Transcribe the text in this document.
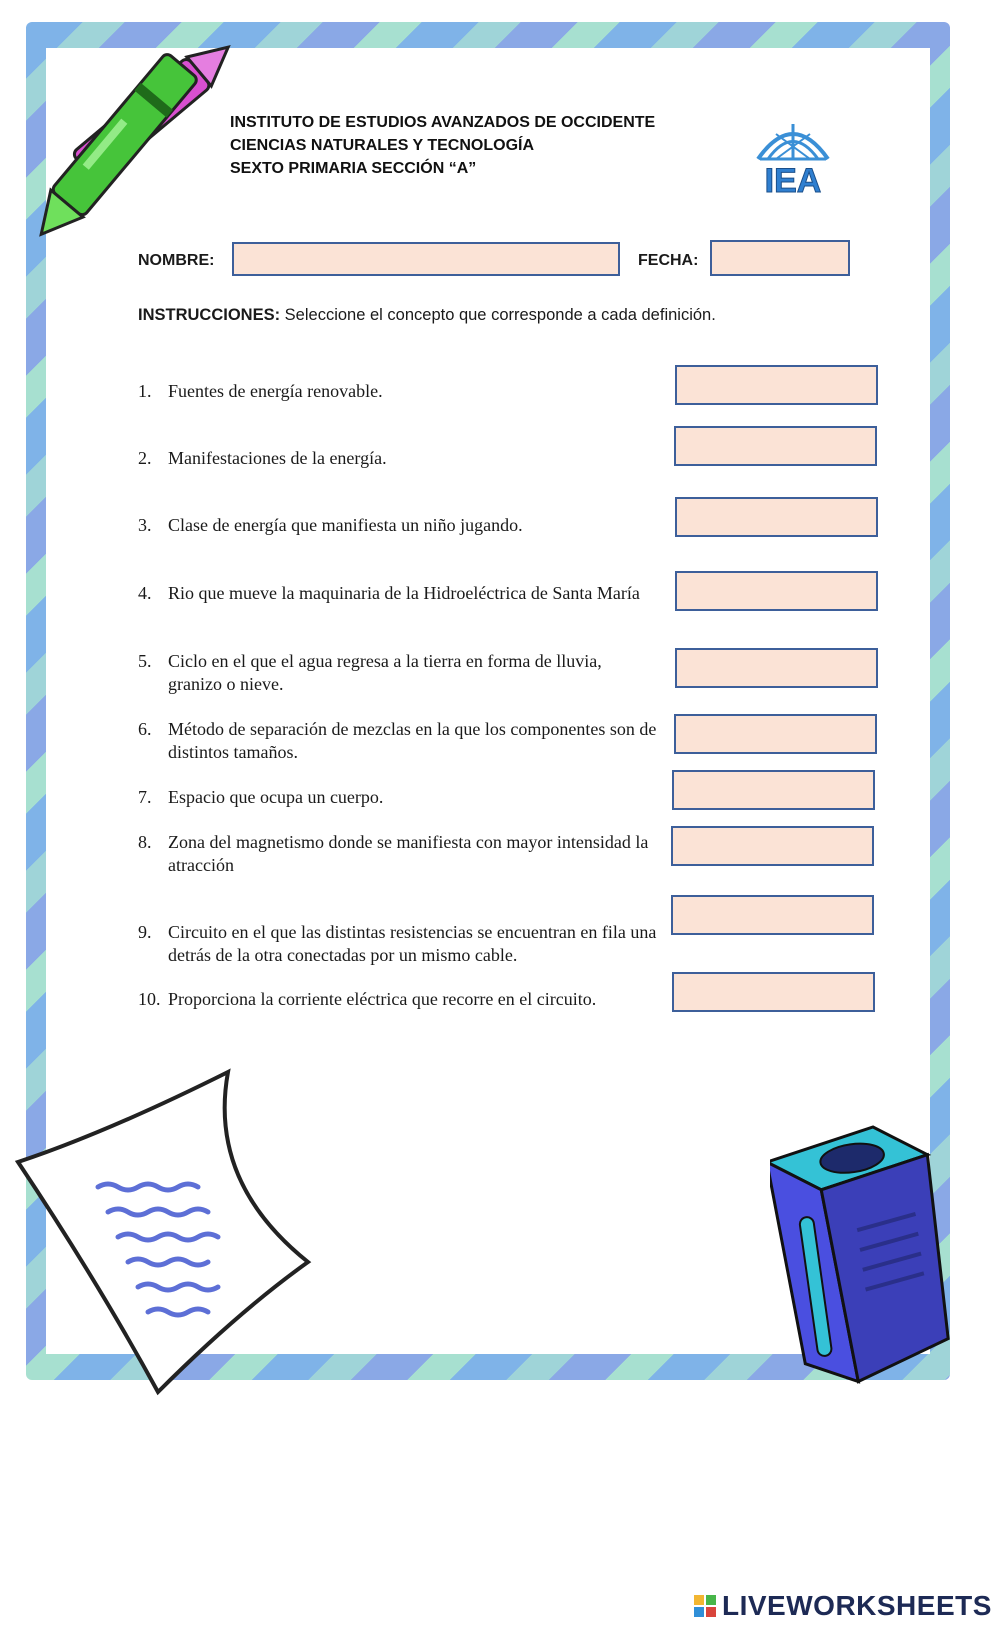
INSTITUTO DE ESTUDIOS AVANZADOS DE OCCIDENTE
CIENCIAS NATURALES Y TECNOLOGÍA
SEXTO PRIMARIA SECCIÓN “A”	IEA
NOMBRE:	FECHA:
INSTRUCCIONES: Seleccione el concepto que corresponde a cada definición.
1. Fuentes de energía renovable.
2. Manifestaciones de la energía.
3. Clase de energía que manifiesta un niño jugando.
4. Rio que mueve la maquinaria de la Hidroeléctrica de Santa María
5. Ciclo en el que el agua regresa a la tierra en forma de lluvia, granizo o nieve.
6. Método de separación de mezclas en la que los componentes son de distintos tamaños.
7. Espacio que ocupa un cuerpo.
8. Zona del magnetismo donde se manifiesta con mayor intensidad la atracción
9. Circuito en el que las distintas resistencias se encuentran en fila una detrás de la otra conectadas por un mismo cable.
10. Proporciona la corriente eléctrica que recorre en el circuito.
LIVEWORKSHEETS
